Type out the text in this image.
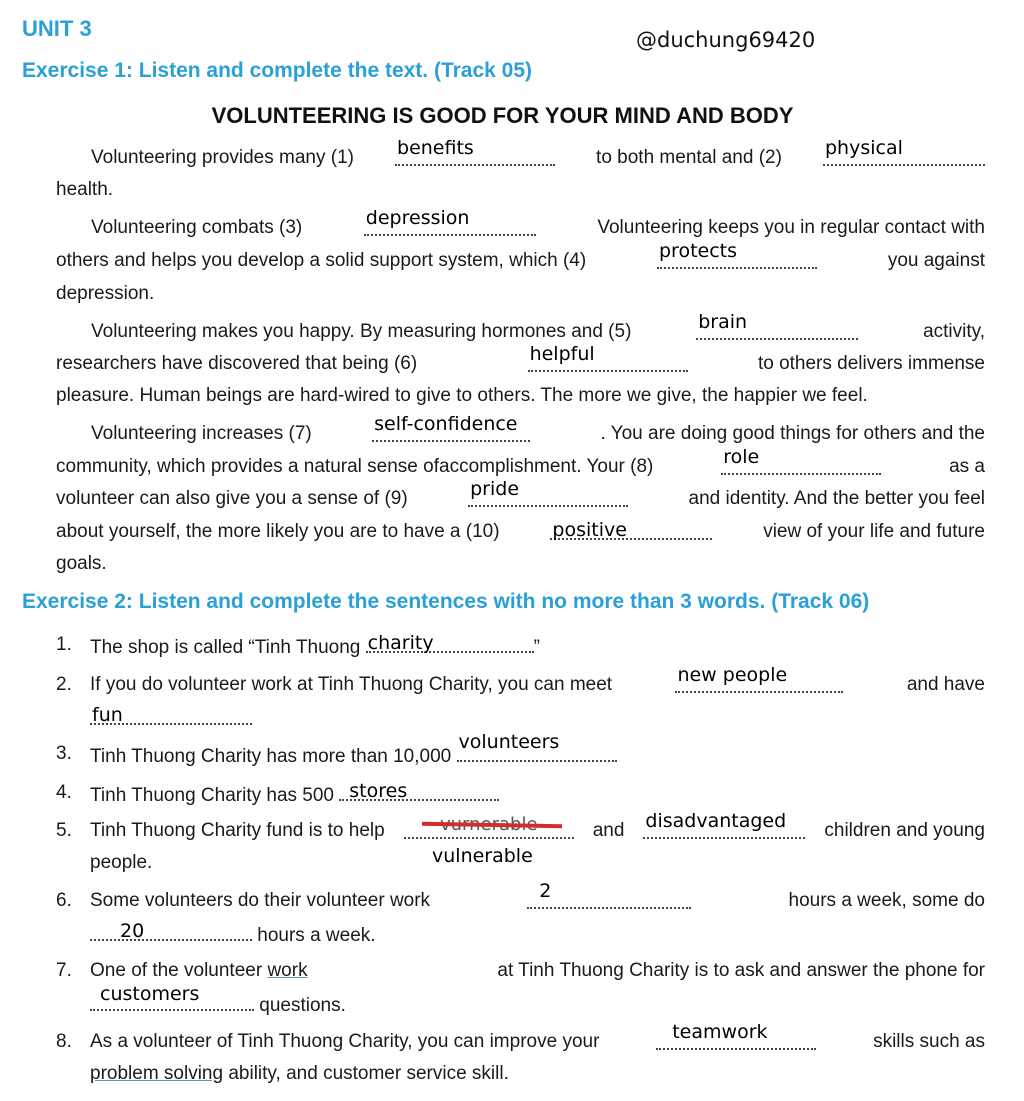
UNIT 3	@duchung69420
Exercise 1: Listen and complete the text. (Track 05)
VOLUNTEERING IS GOOD FOR YOUR MIND AND BODY
Volunteering provides many (1) benefits	to both mental and (2) physical
health.
Volunteering combats (3)	depression	Volunteering keeps you in regular contact with
others and helps you develop a solid support system, which (4)	protects	you against
depression.
Volunteering makes you happy. By measuring hormones and (5)	brain	activity,
researchers have discovered that being (6)	helpful	to others delivers immense
pleasure. Human beings are hard-wired to give to others. The more we give, the happier we feel.
Volunteering increases (7)	self-confidence	. You are doing good things for others and the
community, which provides a natural sense ofaccomplishment. Your (8)	role	as a
volunteer can also give you a sense of (9)	pride	and identity. And the better you feel
about yourself, the more likely you are to have a (10)	positive	view of your life and future
goals.
Exercise 2: Listen and complete the sentences with no more than 3 words. (Track 06)
1. The shop is called “Tinh Thuong charity	”
2. If you do volunteer work at Tinh Thuong Charity, you can meet	new people	and have
fun
3. Tinh Thuong Charity has more than 10,000
volunteers
4. Tinh Thuong Charity has 500 stores
5. Tinh Thuong Charity fund is to help	and disadvantaged children and young
vurnerable
vulnerable
people.
6. Some volunteers do their volunteer work	2	hours a week, some do
20	hours a week.
7. One of the volunteer work	at Tinh Thuong Charity is to ask and answer the phone for
customers
questions.
8. As a volunteer of Tinh Thuong Charity, you can improve your	teamwork	skills such as
problem solving ability, and customer service skill.
